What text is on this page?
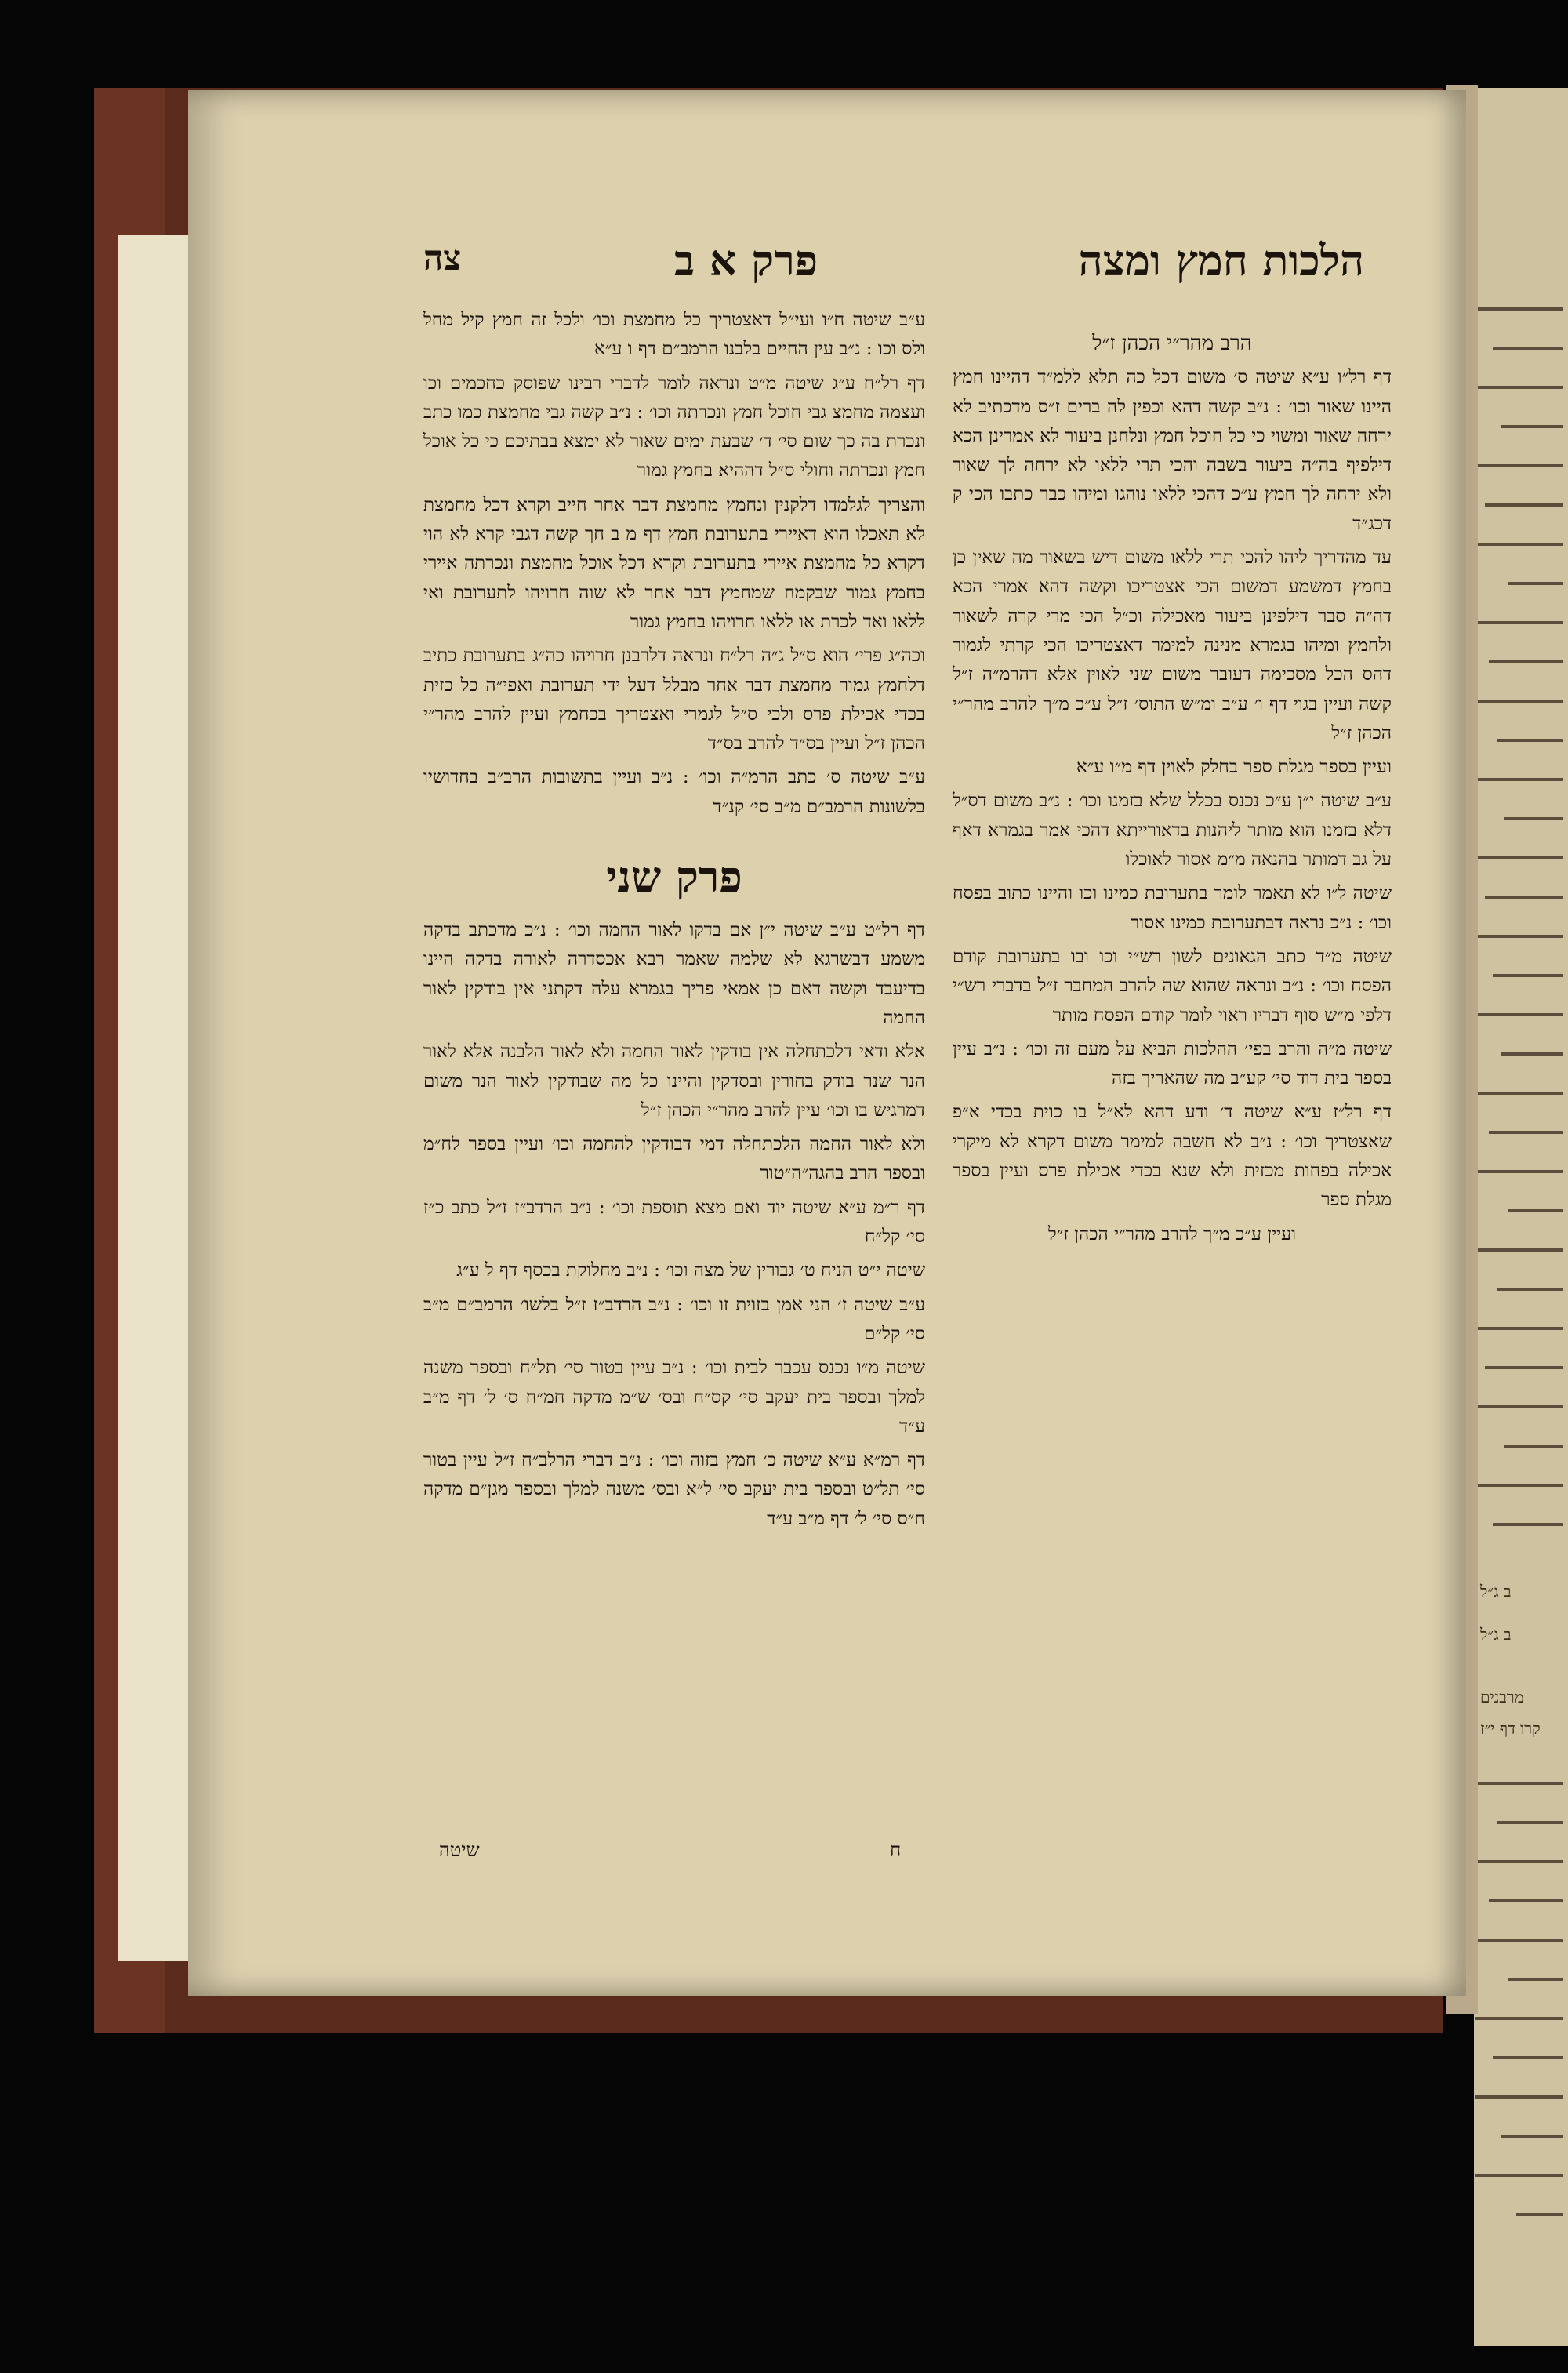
ב ג״ל
ב ג״ל
מרבנים
קרו דף י״ז
הלכות חמץ ומצה
פרק א ב
צה

הרב מהר״י הכהן ז״ל

דף רל״ו ע״א שיטה ס׳ משום דכל כה תלא ללמ״ד דהיינו חמץ היינו שאור וכו׳ : נ״ב קשה דהא וכפין לה ברים ז״ס מדכתיב לא ירחה שאור ומשוי כי כל חוכל חמץ ונלחנן ביעור לא אמרינן הכא דילפיף בה״ה ביעור בשבה והכי תרי ללאו לא ירחה לך שאור ולא ירחה לך חמץ ע״כ דהכי ללאו נוהגו ומיהו כבר כתבו הכי ק דכג״ד

עד מהדריך ליהו להכי תרי ללאו משום דיש בשאור מה שאין כן בחמץ דמשמע דמשום הכי אצטריכו וקשה דהא אמרי הכא דה״ה סבר דילפינן ביעור מאכילה וכ״ל הכי מרי קרה לשאור ולחמץ ומיהו בגמרא מנינה למימר דאצטריכו הכי קרתי לגמור דהס הכל מסכימה דעובר משום שני לאוין אלא דהרמ״ה ז״ל קשה ועיין בגוי דף ו׳ ע״ב ומ״ש התוס׳ ז״ל ע״כ מ״ך להרב מהר״י הכהן ז״ל

ועיין בספר מגלת ספר בחלק לאוין דף מ״ו ע״א

ע״ב שיטה י״ן ע״כ נכנס בכלל שלא בזמנו וכו׳ : נ״ב משום דס״ל דלא בזמנו הוא מותר ליהנות בדאורייתא דהכי אמר בגמרא דאף על גב דמותר בהנאה מ״מ אסור לאוכלו

שיטה ל״ו לא תאמר לומר בתערובת כמינו וכו והיינו כתוב בפסח וכו׳ : נ״כ נראה דבתערובת כמינו אסור

שיטה מ״ד כתב הגאונים לשון רש״י וכו ובו בתערובת קודם הפסח וכו׳ : נ״ב ונראה שהוא שה להרב המחבר ז״ל בדברי רש״י דלפי מ״ש סוף דבריו ראוי לומר קודם הפסח מותר

שיטה מ״ה והרב בפי׳ ההלכות הביא על מעם זה וכו׳ : נ״ב עיין בספר בית דוד סי׳ קע״ב מה שהאריך בזה

דף רל״ז ע״א שיטה ד׳ ודע דהא לא״ל בו כוית בכדי א״פ שאצטריך וכו׳ : נ״ב לא חשבה למימר משום דקרא לא מיקרי אכילה בפחות מכזית ולא שנא בכדי אכילת פרס ועיין בספר מגלת ספר

ועיין ע״כ מ״ך להרב מהר״י הכהן ז״ל

ע״ב שיטה ח״ו ועי״ל דאצטריך כל מחמצת וכו׳ ולכל זה חמץ קיל מחל ולס וכו : נ״ב עין החיים בלבנו הרמב״ם דף ו ע״א

דף רל״ח ע״ג שיטה מ״ט ונראה לומר לדברי רבינו שפוסק כחכמים וכו ועצמה מחמצ גבי חוכל חמץ ונכרתה וכו׳ : נ״ב קשה גבי מחמצת כמו כתב ונכרת בה כך שום סי׳ ד׳ שבעת ימים שאור לא ימצא בבתיכם כי כל אוכל חמץ ונכרתה וחולי ס״ל דההיא בחמץ גמור

והצריך לגלמדו דלקנין ונחמץ מחמצת דבר אחר חייב וקרא דכל מחמצת לא תאכלו הוא דאיירי בתערובת חמץ דף מ ב חך קשה דגבי קרא לא הוי דקרא כל מחמצת איירי בתערובת וקרא דכל אוכל מחמצת ונכרתה איירי בחמץ גמור שבקמח שמחמץ דבר אחר לא שוה חרויהו לתערובת ואי ללאו ואד לכרת או ללאו חרויהו בחמץ גמור

וכה״ג פרי׳ הוא ס״ל ג״ה רל״ח ונראה דלרבנן חרויהו כה״ג בתערובת כתיב דלחמץ גמור מחמצת דבר אחר מבלל דעל ידי תערובת ואפי״ה כל כזית בכדי אכילת פרס ולכי ס״ל לגמרי ואצטריך בכחמץ ועיין להרב מהר״י הכהן ז״ל ועיין בס״ד להרב בס״ד

ע״ב שיטה ס׳ כתב הרמ״ה וכו׳ : נ״ב ועיין בתשובות הרב״ב בחדושיו בלשונות הרמב״ם מ״ב סי׳ קנ״ד

פרק שני

דף רל״ט ע״ב שיטה י״ן אם בדקו לאור החמה וכו׳ : נ״כ מדכתב בדקה משמע דבשרגא לא שלמה שאמר רבא אכסדרה לאורה בדקה היינו בדיעבד וקשה דאם כן אמאי פריך בגמרא עלה דקתני אין בודקין לאור החמה

אלא ודאי דלכתחלה אין בודקין לאור החמה ולא לאור הלבנה אלא לאור הנר שנר בודק בחורין ובסדקין והיינו כל מה שבודקין לאור הנר משום דמרגיש בו וכו׳ עיין להרב מהר״י הכהן ז״ל

ולא לאור החמה הלכתחלה דמי דבודקין להחמה וכו׳ ועיין בספר לח״מ ובספר הרב בהגה״ה״טור

דף ר״מ ע״א שיטה יוד ואם מצא תוספת וכו׳ : נ״ב הרדב״ז ז״ל כתב כ״ז סי׳ קל״ח

שיטה י״ט הניח ט׳ גבורין של מצה וכו׳ : נ״ב מחלוקת בכסף דף ל ע״ג

ע״ב שיטה ז׳ הני אמן בזוית זו וכו׳ : נ״ב הרדב״ז ז״ל בלשו׳ הרמב״ם מ״ב סי׳ קל״ם

שיטה מ״ו נכנס עכבר לבית וכו׳ : נ״ב עיין בטור סי׳ תל״ח ובספר משנה למלך ובספר בית יעקב סי׳ קס״ח ובס׳ ש״מ מדקה חמ״ח ס׳ ל׳ דף מ״ב ע״ד

דף רמ״א ע״א שיטה כ׳ חמץ בזוה וכו׳ : נ״ב דברי הרלב״ח ז״ל עיין בטור סי׳ תל״ט ובספר בית יעקב סי׳ ל״א ובס׳ משנה למלך ובספר מגן״ם מדקה ח״ס סי׳ ל׳ דף מ״ב ע״ד

שיטה	ח
